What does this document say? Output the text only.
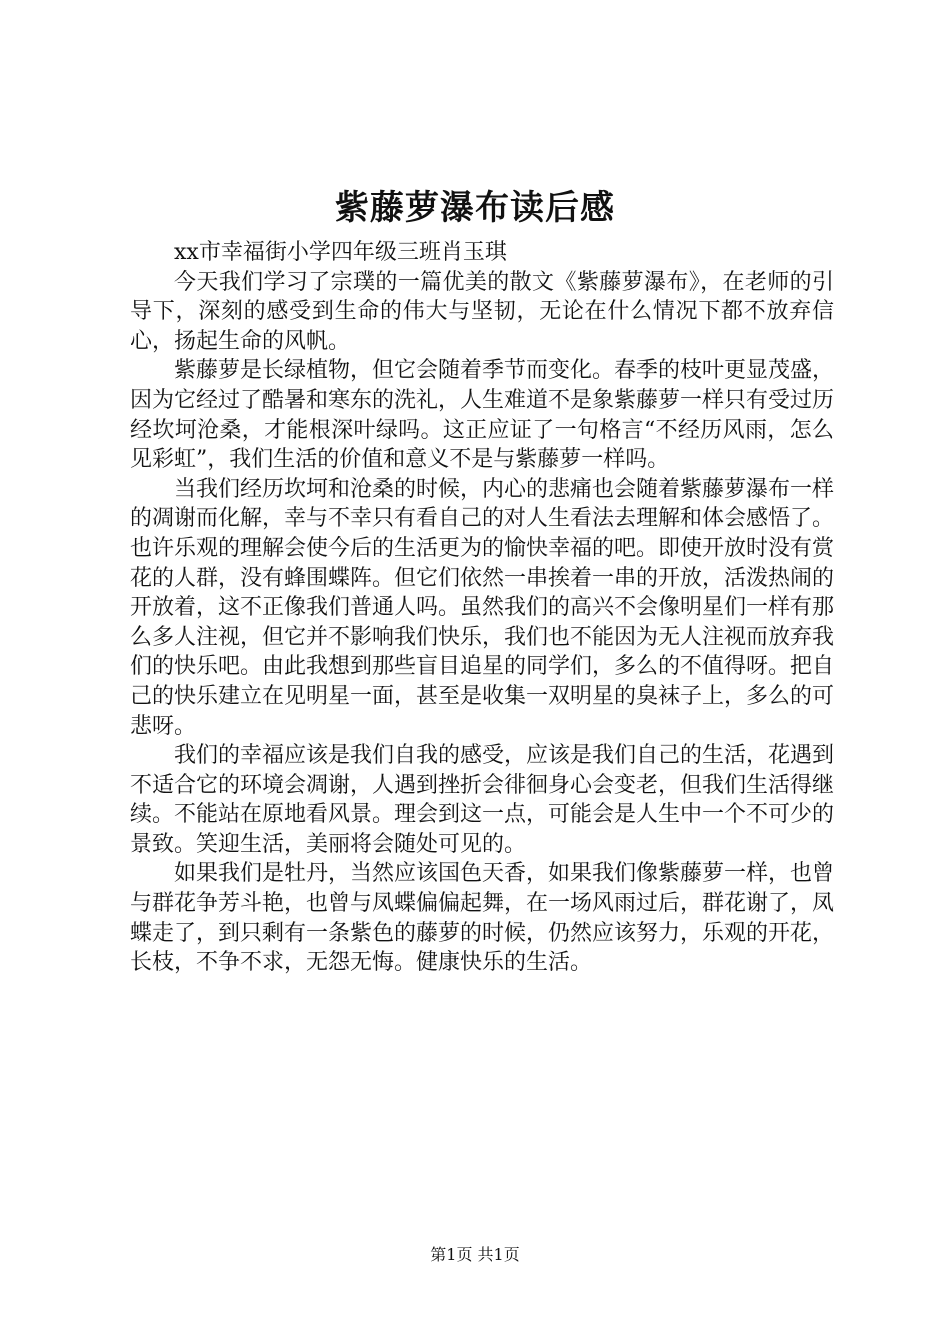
紫藤萝瀑布读后感

xx市幸福街小学四年级三班肖玉琪

今天我们学习了宗璞的一篇优美的散文《紫藤萝瀑布》，在老师的引导下，深刻的感受到生命的伟大与坚韧，无论在什么情况下都不放弃信心，扬起生命的风帆。

紫藤萝是长绿植物，但它会随着季节而变化。春季的枝叶更显茂盛，因为它经过了酷暑和寒东的洗礼，人生难道不是象紫藤萝一样只有受过历经坎坷沧桑，才能根深叶绿吗。这正应证了一句格言“不经历风雨，怎么见彩虹”，我们生活的价值和意义不是与紫藤萝一样吗。

当我们经历坎坷和沧桑的时候，内心的悲痛也会随着紫藤萝瀑布一样的凋谢而化解，幸与不幸只有看自己的对人生看法去理解和体会感悟了。也许乐观的理解会使今后的生活更为的愉快幸福的吧。即使开放时没有赏花的人群，没有蜂围蝶阵。但它们依然一串挨着一串的开放，活泼热闹的开放着，这不正像我们普通人吗。虽然我们的高兴不会像明星们一样有那么多人注视，但它并不影响我们快乐，我们也不能因为无人注视而放弃我们的快乐吧。由此我想到那些盲目追星的同学们，多么的不值得呀。把自己的快乐建立在见明星一面，甚至是收集一双明星的臭袜子上，多么的可悲呀。

我们的幸福应该是我们自我的感受，应该是我们自己的生活，花遇到不适合它的环境会凋谢，人遇到挫折会徘徊身心会变老，但我们生活得继续。不能站在原地看风景。理会到这一点，可能会是人生中一个不可少的景致。笑迎生活，美丽将会随处可见的。

如果我们是牡丹，当然应该国色天香，如果我们像紫藤萝一样，也曾与群花争芳斗艳，也曾与凤蝶偏偏起舞，在一场风雨过后，群花谢了，凤蝶走了，到只剩有一条紫色的藤萝的时候，仍然应该努力，乐观的开花，长枝，不争不求，无怨无悔。健康快乐的生活。

第1页 共1页
